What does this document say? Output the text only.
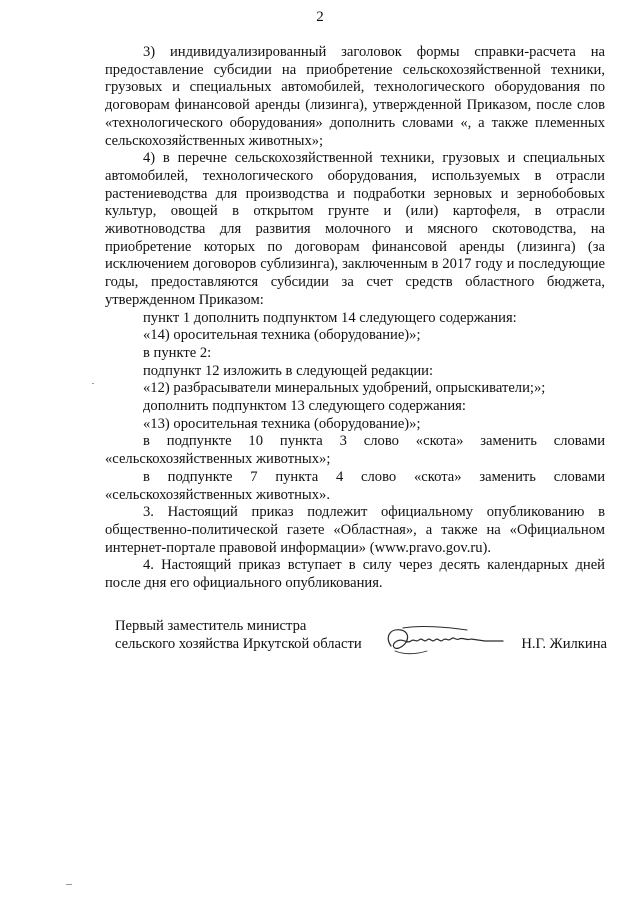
2

3) индивидуализированный заголовок формы справки-расчета на предоставление субсидии на приобретение сельскохозяйственной техники, грузовых и специальных автомобилей, технологического оборудования по договорам финансовой аренды (лизинга), утвержденной Приказом, после слов «технологического оборудования» дополнить словами «, а также племенных сельскохозяйственных животных»;

4) в перечне сельскохозяйственной техники, грузовых и специальных автомобилей, технологического оборудования, используемых в отрасли растениеводства для производства и подработки зерновых и зернобобовых культур, овощей в открытом грунте и (или) картофеля, в отрасли животноводства для развития молочного и мясного скотоводства, на приобретение которых по договорам финансовой аренды (лизинга) (за исключением договоров сублизинга), заключенным в 2017 году и последующие годы, предоставляются субсидии за счет средств областного бюджета, утвержденном Приказом:

пункт 1 дополнить подпунктом 14 следующего содержания:

«14) оросительная техника (оборудование)»;

в пункте 2:

подпункт 12 изложить в следующей редакции:

«12) разбрасыватели минеральных удобрений, опрыскиватели;»;

дополнить подпунктом 13 следующего содержания:

«13) оросительная техника (оборудование)»;

в подпункте 10 пункта 3 слово «скота» заменить словами «сельскохозяйственных животных»;

в подпункте 7 пункта 4 слово «скота» заменить словами «сельскохозяйственных животных».

3. Настоящий приказ подлежит официальному опубликованию в общественно-политической газете «Областная», а также на «Официальном интернет-портале правовой информации» (www.pravo.gov.ru).

4. Настоящий приказ вступает в силу через десять календарных дней после дня его официального опубликования.

Первый заместитель министра
сельского хозяйства Иркутской области	Н.Г. Жилкина
